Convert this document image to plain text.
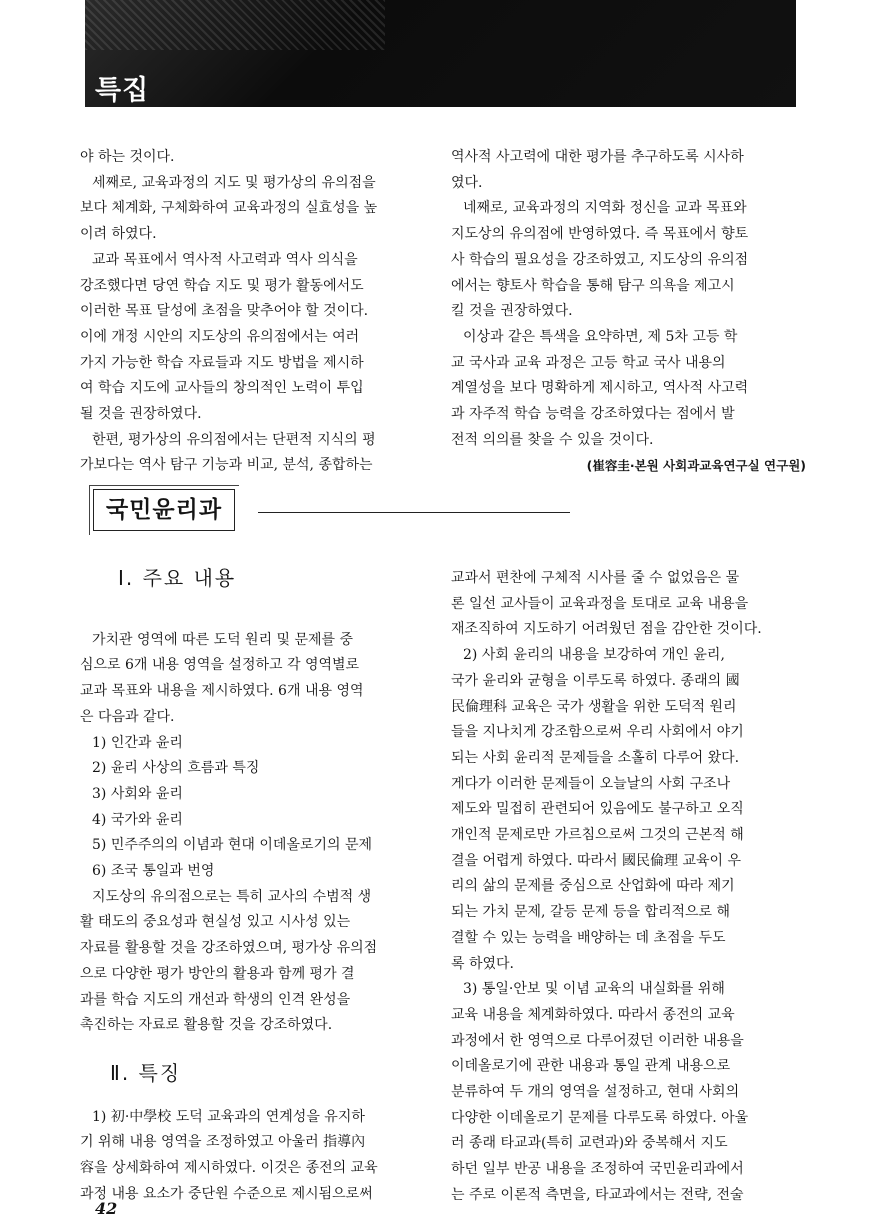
특집

야 하는 것이다.

세째로, 교육과정의 지도 및 평가상의 유의점을

보다 체계화, 구체화하여 교육과정의 실효성을 높

이려 하였다.

교과 목표에서 역사적 사고력과 역사 의식을

강조했다면 당연 학습 지도 및 평가 활동에서도

이러한 목표 달성에 초점을 맞추어야 할 것이다.

이에 개정 시안의 지도상의 유의점에서는 여러

가지 가능한 학습 자료들과 지도 방법을 제시하

여 학습 지도에 교사들의 창의적인 노력이 투입

될 것을 권장하였다.

한편, 평가상의 유의점에서는 단편적 지식의 평

가보다는 역사 탐구 기능과 비교, 분석, 종합하는

역사적 사고력에 대한 평가를 추구하도록 시사하

였다.

네째로, 교육과정의 지역화 정신을 교과 목표와

지도상의 유의점에 반영하였다. 즉 목표에서 향토

사 학습의 필요성을 강조하였고, 지도상의 유의점

에서는 향토사 학습을 통해 탐구 의욕을 제고시

킬 것을 권장하였다.

이상과 같은 특색을 요약하면, 제 5차 고등 학

교 국사과 교육 과정은 고등 학교 국사 내용의

계열성을 보다 명확하게 제시하고, 역사적 사고력

과 자주적 학습 능력을 강조하였다는 점에서 발

전적 의의를 찾을 수 있을 것이다.

(崔容圭·본원 사회과교육연구실 연구원)

국민윤리과

Ⅰ. 주요 내용

가치관 영역에 따른 도덕 원리 및 문제를 중

심으로 6개 내용 영역을 설정하고 각 영역별로

교과 목표와 내용을 제시하였다. 6개 내용 영역

은 다음과 같다.

1) 인간과 윤리

2) 윤리 사상의 흐름과 특징

3) 사회와 윤리

4) 국가와 윤리

5) 민주주의의 이념과 현대 이데올로기의 문제

6) 조국 통일과 번영

지도상의 유의점으로는 특히 교사의 수범적 생

활 태도의 중요성과 현실성 있고 시사성 있는

자료를 활용할 것을 강조하였으며, 평가상 유의점

으로 다양한 평가 방안의 활용과 함께 평가 결

과를 학습 지도의 개선과 학생의 인격 완성을

촉진하는 자료로 활용할 것을 강조하였다.

Ⅱ. 특징

1) 初·中學校 도덕 교육과의 연계성을 유지하

기 위해 내용 영역을 조정하였고 아울러 指導內

容을 상세화하여 제시하였다. 이것은 종전의 교육

과정 내용 요소가 중단원 수준으로 제시됨으로써

교과서 편찬에 구체적 시사를 줄 수 없었음은 물

론 일선 교사들이 교육과정을 토대로 교육 내용을

재조직하여 지도하기 어려웠던 점을 감안한 것이다.

2) 사회 윤리의 내용을 보강하여 개인 윤리,

국가 윤리와 균형을 이루도록 하였다. 종래의 國

民倫理科 교육은 국가 생활을 위한 도덕적 원리

들을 지나치게 강조함으로써 우리 사회에서 야기

되는 사회 윤리적 문제들을 소홀히 다루어 왔다.

게다가 이러한 문제들이 오늘날의 사회 구조나

제도와 밀접히 관련되어 있음에도 불구하고 오직

개인적 문제로만 가르침으로써 그것의 근본적 해

결을 어렵게 하였다. 따라서 國民倫理 교육이 우

리의 삶의 문제를 중심으로 산업화에 따라 제기

되는 가치 문제, 갈등 문제 등을 합리적으로 해

결할 수 있는 능력을 배양하는 데 초점을 두도

록 하였다.

3) 통일·안보 및 이념 교육의 내실화를 위해

교육 내용을 체계화하였다. 따라서 종전의 교육

과정에서 한 영역으로 다루어졌던 이러한 내용을

이데올로기에 관한 내용과 통일 관계 내용으로

분류하여 두 개의 영역을 설정하고, 현대 사회의

다양한 이데올로기 문제를 다루도록 하였다. 아울

러 종래 타교과(특히 교련과)와 중복해서 지도

하던 일부 반공 내용을 조정하여 국민윤리과에서

는 주로 이론적 측면을, 타교과에서는 전략, 전술

42
